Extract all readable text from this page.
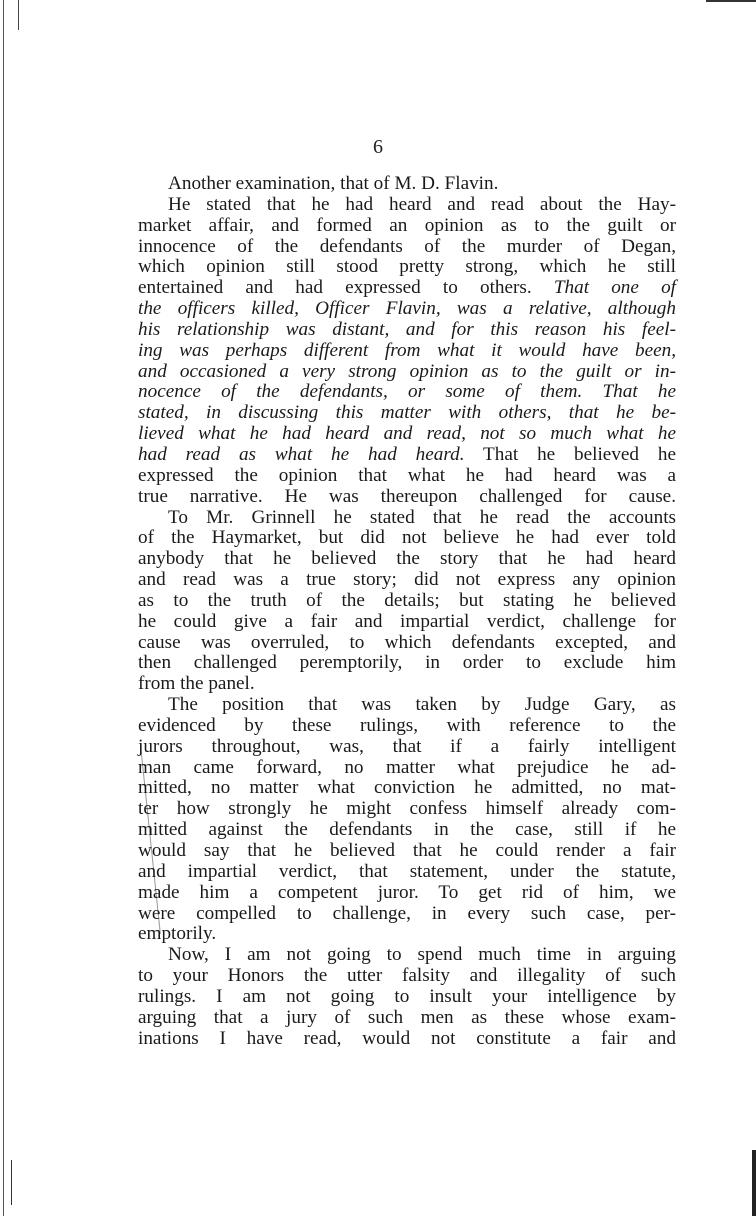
6
Another examination, that of M. D. Flavin.
He stated that he had heard and read about the Hay-
market affair, and formed an opinion as to the guilt or
innocence of the defendants of the murder of Degan,
which opinion still stood pretty strong, which he still
entertained and had expressed to others. That one of
the officers killed, Officer Flavin, was a relative, although
his relationship was distant, and for this reason his feel-
ing was perhaps different from what it would have been,
and occasioned a very strong opinion as to the guilt or in-
nocence of the defendants, or some of them. That he
stated, in discussing this matter with others, that he be-
lieved what he had heard and read, not so much what he
had read as what he had heard. That he believed he
expressed the opinion that what he had heard was a
true narrative. He was thereupon challenged for cause.
To Mr. Grinnell he stated that he read the accounts
of the Haymarket, but did not believe he had ever told
anybody that he believed the story that he had heard
and read was a true story; did not express any opinion
as to the truth of the details; but stating he believed
he could give a fair and impartial verdict, challenge for
cause was overruled, to which defendants excepted, and
then challenged peremptorily, in order to exclude him
from the panel.
The position that was taken by Judge Gary, as
evidenced by these rulings, with reference to the
jurors throughout, was, that if a fairly intelligent
man came forward, no matter what prejudice he ad-
mitted, no matter what conviction he admitted, no mat-
ter how strongly he might confess himself already com-
mitted against the defendants in the case, still if he
would say that he believed that he could render a fair
and impartial verdict, that statement, under the statute,
made him a competent juror. To get rid of him, we
were compelled to challenge, in every such case, per-
emptorily.
Now, I am not going to spend much time in arguing
to your Honors the utter falsity and illegality of such
rulings. I am not going to insult your intelligence by
arguing that a jury of such men as these whose exam-
inations I have read, would not constitute a fair and
